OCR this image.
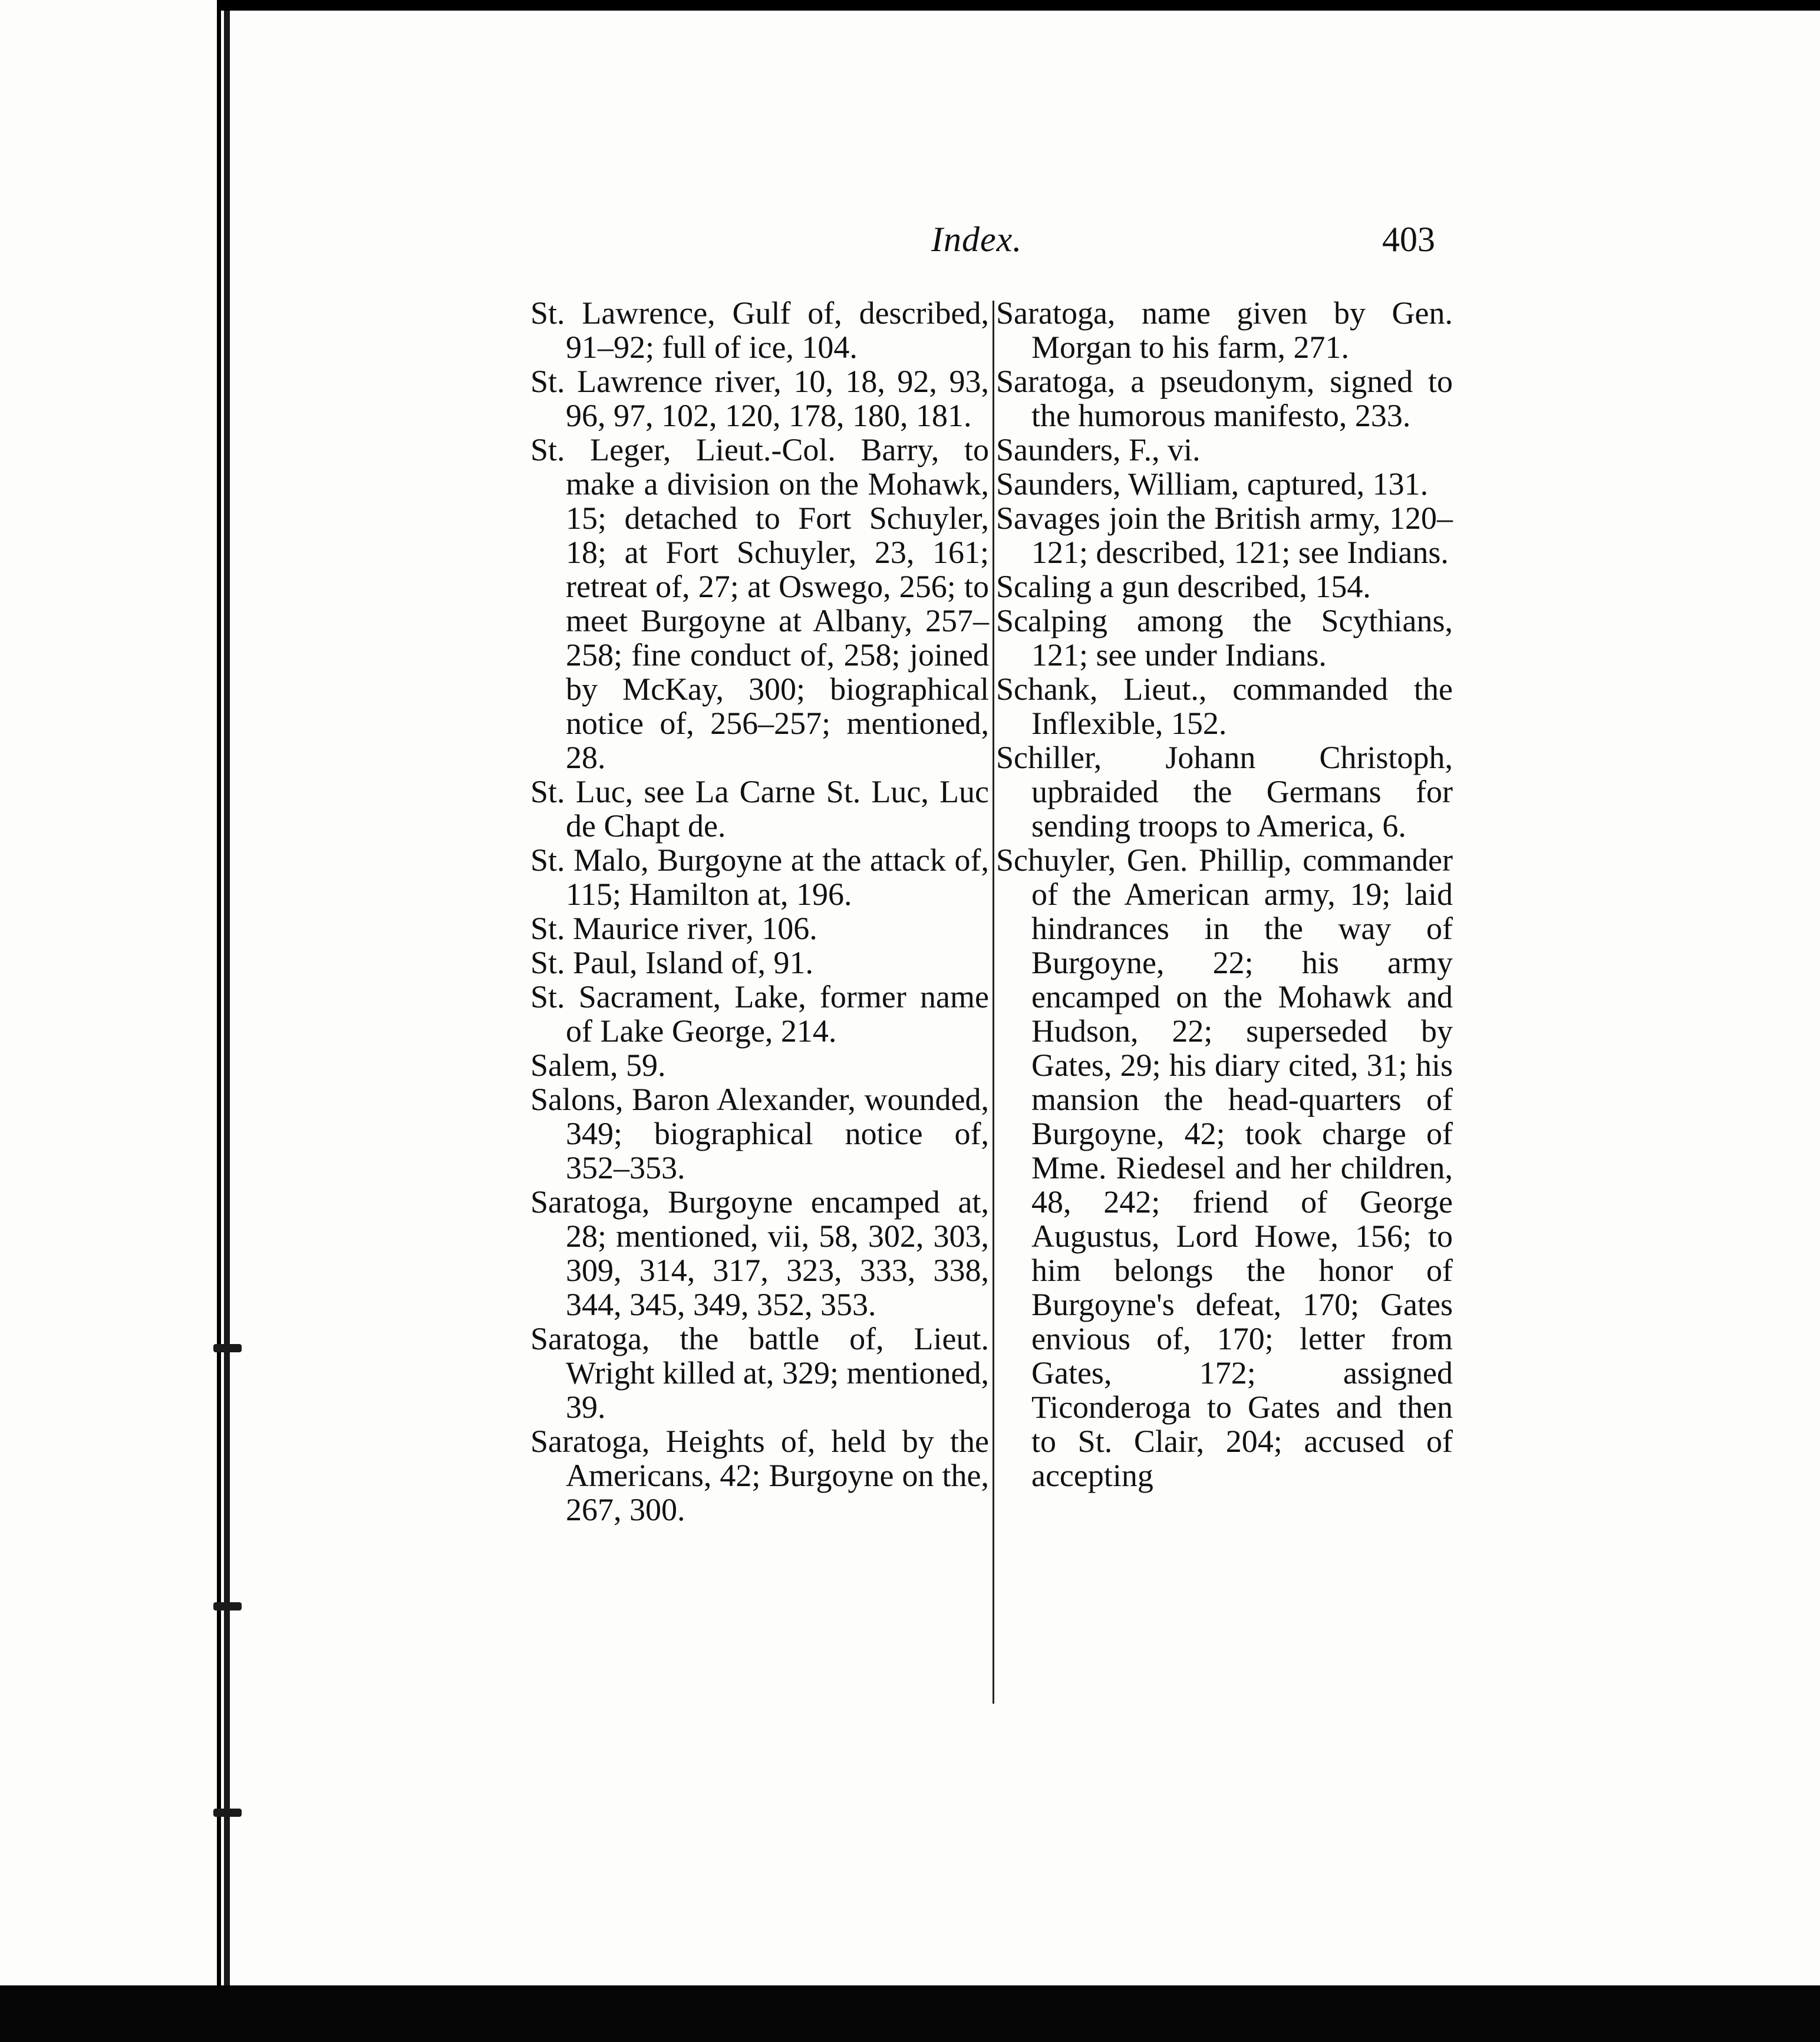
Index.	403

St. Lawrence, Gulf of, described, 91–92; full of ice, 104.

St. Lawrence river, 10, 18, 92, 93, 96, 97, 102, 120, 178, 180, 181.

St. Leger, Lieut.-Col. Barry, to make a division on the Mohawk, 15; detached to Fort Schuyler, 18; at Fort Schuyler, 23, 161; retreat of, 27; at Oswego, 256; to meet Burgoyne at Albany, 257–258; fine conduct of, 258; joined by McKay, 300; biographical notice of, 256–257; mentioned, 28.

St. Luc, see La Carne St. Luc, Luc de Chapt de.

St. Malo, Burgoyne at the attack of, 115; Hamilton at, 196.

St. Maurice river, 106.

St. Paul, Island of, 91.

St. Sacrament, Lake, former name of Lake George, 214.

Salem, 59.

Salons, Baron Alexander, wounded, 349; biographical notice of, 352–353.

Saratoga, Burgoyne encamped at, 28; mentioned, vii, 58, 302, 303, 309, 314, 317, 323, 333, 338, 344, 345, 349, 352, 353.

Saratoga, the battle of, Lieut. Wright killed at, 329; mentioned, 39.

Saratoga, Heights of, held by the Americans, 42; Burgoyne on the, 267, 300.

Saratoga, name given by Gen. Morgan to his farm, 271.

Saratoga, a pseudonym, signed to the humorous manifesto, 233.

Saunders, F., vi.

Saunders, William, captured, 131.

Savages join the British army, 120–121; described, 121; see Indians.

Scaling a gun described, 154.

Scalping among the Scythians, 121; see under Indians.

Schank, Lieut., commanded the Inflexible, 152.

Schiller, Johann Christoph, upbraided the Germans for sending troops to America, 6.

Schuyler, Gen. Phillip, commander of the American army, 19; laid hindrances in the way of Burgoyne, 22; his army encamped on the Mohawk and Hudson, 22; superseded by Gates, 29; his diary cited, 31; his mansion the head-quarters of Burgoyne, 42; took charge of Mme. Riedesel and her children, 48, 242; friend of George Augustus, Lord Howe, 156; to him belongs the honor of Burgoyne's defeat, 170; Gates envious of, 170; letter from Gates, 172; assigned Ticonderoga to Gates and then to St. Clair, 204; accused of accepting
